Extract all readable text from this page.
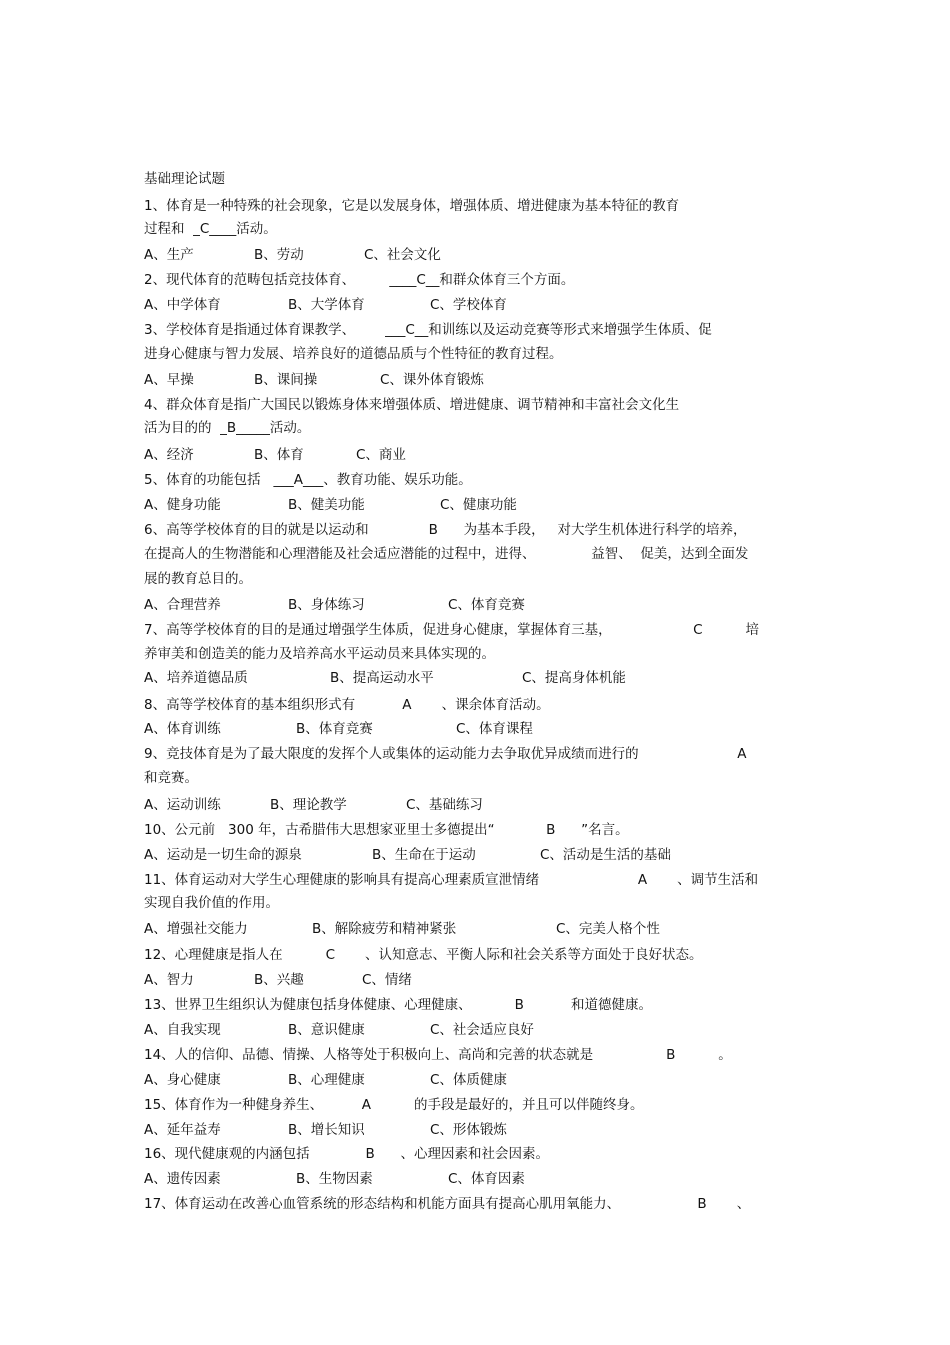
基础理论试题
1、体育是一种特殊的社会现象，它是以发展身体，增强体质、增进健康为基本特征的教育
过程和  _C____活动。
A、生产	B、劳动	C、社会文化
2、现代体育的范畴包括竞技体育、        ____C__和群众体育三个方面。
A、中学体育	B、大学体育	C、学校体育
3、学校体育是指通过体育课教学、       ___C__和训练以及运动竞赛等形式来增强学生体质、促
进身心健康与智力发展、培养良好的道德品质与个性特征的教育过程。
A、早操	B、课间操	C、课外体育锻炼
4、群众体育是指广大国民以锻炼身体来增强体质、增进健康、调节精神和丰富社会文化生
活为目的的  _B_____活动。
A、经济	B、体育	C、商业
5、体育的功能包括   ___A___、教育功能、娱乐功能。
A、健身功能	B、健美功能	C、健康功能
6、高等学校体育的目的就是以运动和              B      为基本手段，   对大学生机体进行科学的培养，
在提高人的生物潜能和心理潜能及社会适应潜能的过程中，进得、             益智、  促美，达到全面发
展的教育总目的。
A、合理营养	B、身体练习	C、体育竞赛
7、高等学校体育的目的是通过增强学生体质，促进身心健康，掌握体育三基，                   C          培
养审美和创造美的能力及培养高水平运动员来具体实现的。
A、培养道德品质	B、提高运动水平	C、提高身体机能
8、高等学校体育的基本组织形式有           A       、课余体育活动。
A、体育训练	B、体育竞赛	C、体育课程
9、竞技体育是为了最大限度的发挥个人或集体的运动能力去争取优异成绩而进行的                       A
和竞赛。
A、运动训练	B、理论教学	C、基础练习
10、公元前   300 年，古希腊伟大思想家亚里士多德提出“            B      ”名言。
A、运动是一切生命的源泉	B、生命在于运动	C、活动是生活的基础
11、体育运动对大学生心理健康的影响具有提高心理素质宣泄情绪                       A       、调节生活和
实现自我价值的作用。
A、增强社交能力	B、解除疲劳和精神紧张	C、完美人格个性
12、心理健康是指人在          C       、认知意志、平衡人际和社会关系等方面处于良好状态。
A、智力	B、兴趣	C、情绪
13、世界卫生组织认为健康包括身体健康、心理健康、          B           和道德健康。
A、自我实现	B、意识健康	C、社会适应良好
14、人的信仰、品德、情操、人格等处于积极向上、高尚和完善的状态就是                 B          。
A、身心健康	B、心理健康	C、体质健康
15、体育作为一种健身养生、         A          的手段是最好的，并且可以伴随终身。
A、延年益寿	B、增长知识	C、形体锻炼
16、现代健康观的内涵包括             B      、心理因素和社会因素。
A、遗传因素	B、生物因素	C、体育因素
17、体育运动在改善心血管系统的形态结构和机能方面具有提高心肌用氧能力、                  B       、
